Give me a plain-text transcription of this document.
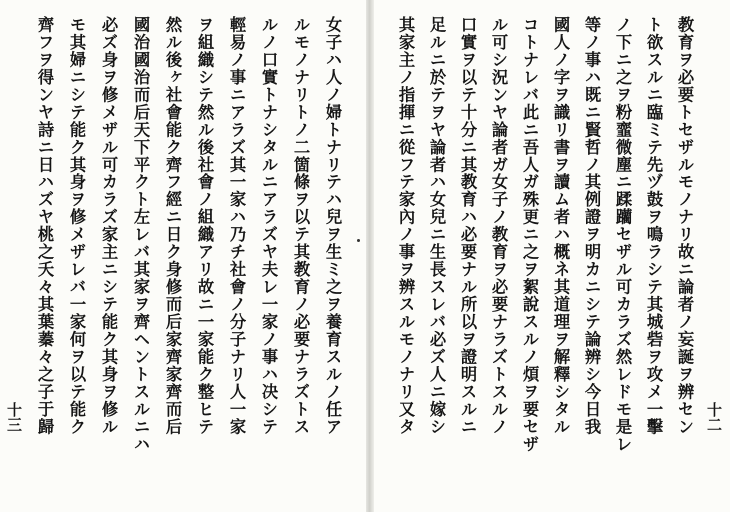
女子ハ人ノ婦トナリテハ兒ヲ生ミ之ヲ養育スルノ任ア
ルモノナリトノ二箇條ヲ以テ其教育ノ必要ナラズトス
ルノ口實トナシタルニアラズヤ夫レ一家ノ事ハ决シテ
輕易ノ事ニアラズ其一家ハ乃チ社會ノ分子ナリ人一家
ヲ組織シテ然ル後社會ノ組織アリ故ニ一家能ク整ヒテ
然ル後ヶ社會能ク齊フ經ニ日ク身修而后家齊家齊而后
國治國治而后天下平クト左レバ其家ヲ齊ヘントスルニハ
必ズ身ヲ修メザル可カラズ家主ニシテ能ク其身ヲ修ル
モ其婦ニシテ能ク其身ヲ修メザレバ一家何ヲ以テ能ク
齊フヲ得ンヤ詩ニ日ハズヤ桃之夭々其葉蓁々之子于歸
十三	十二
教育ヲ必要トセザルモノナリ故ニ論者ノ妄誕ヲ辨セン
ト欲スルニ臨ミテ先ヅ鼓ヲ鳴ラシテ其城砦ヲ攻メ一擊
ノ下ニ之ヲ粉韲微塵ニ蹂躪セザル可カラズ然レドモ是レ
等ノ事ハ既ニ賢哲ノ其例證ヲ明カニシテ論辨シ今日我
國人ノ字ヲ識リ書ヲ讀ム者ハ概ネ其道理ヲ解釋シタル
コトナレバ此ニ吾人ガ殊更ニ之ヲ絮說スルノ煩ヲ要セザ
ル可シ況ンヤ論者ガ女子ノ教育ヲ必要ナラズトスルノ
口實ヲ以テ十分ニ其教育ハ必要ナル所以ヲ證明スルニ
足ルニ於テヲヤ論者ハ女兒ニ生長スレバ必ズ人ニ嫁シ
其家主ノ指揮ニ從フテ家內ノ事ヲ辨スルモノナリ又タ
